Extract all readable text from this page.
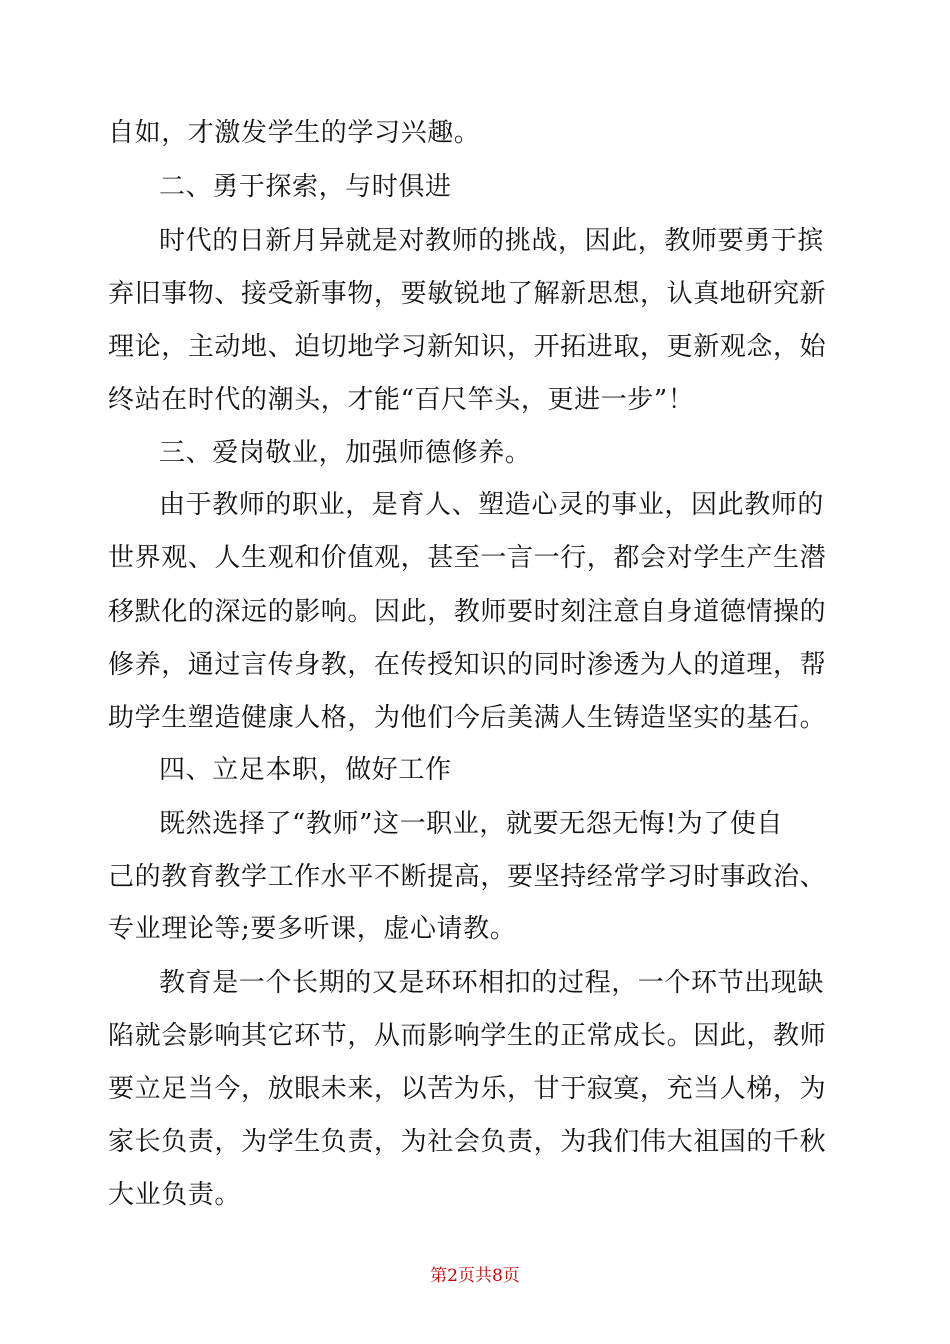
自如，才激发学生的学习兴趣。
二、勇于探索，与时俱进
时代的日新月异就是对教师的挑战，因此，教师要勇于摈
弃旧事物、接受新事物，要敏锐地了解新思想，认真地研究新
理论，主动地、迫切地学习新知识，开拓进取，更新观念，始
终站在时代的潮头，才能“百尺竿头，更进一步”！
三、爱岗敬业，加强师德修养。
由于教师的职业，是育人、塑造心灵的事业，因此教师的
世界观、人生观和价值观，甚至一言一行，都会对学生产生潜
移默化的深远的影响。因此，教师要时刻注意自身道德情操的
修养，通过言传身教，在传授知识的同时渗透为人的道理，帮
助学生塑造健康人格，为他们今后美满人生铸造坚实的基石。
四、立足本职，做好工作
既然选择了“教师”这一职业，就要无怨无悔!为了使自
己的教育教学工作水平不断提高，要坚持经常学习时事政治、
专业理论等;要多听课，虚心请教。
教育是一个长期的又是环环相扣的过程，一个环节出现缺
陷就会影响其它环节，从而影响学生的正常成长。因此，教师
要立足当今，放眼未来，以苦为乐，甘于寂寞，充当人梯，为
家长负责，为学生负责，为社会负责，为我们伟大祖国的千秋
大业负责。
第2页共8页
